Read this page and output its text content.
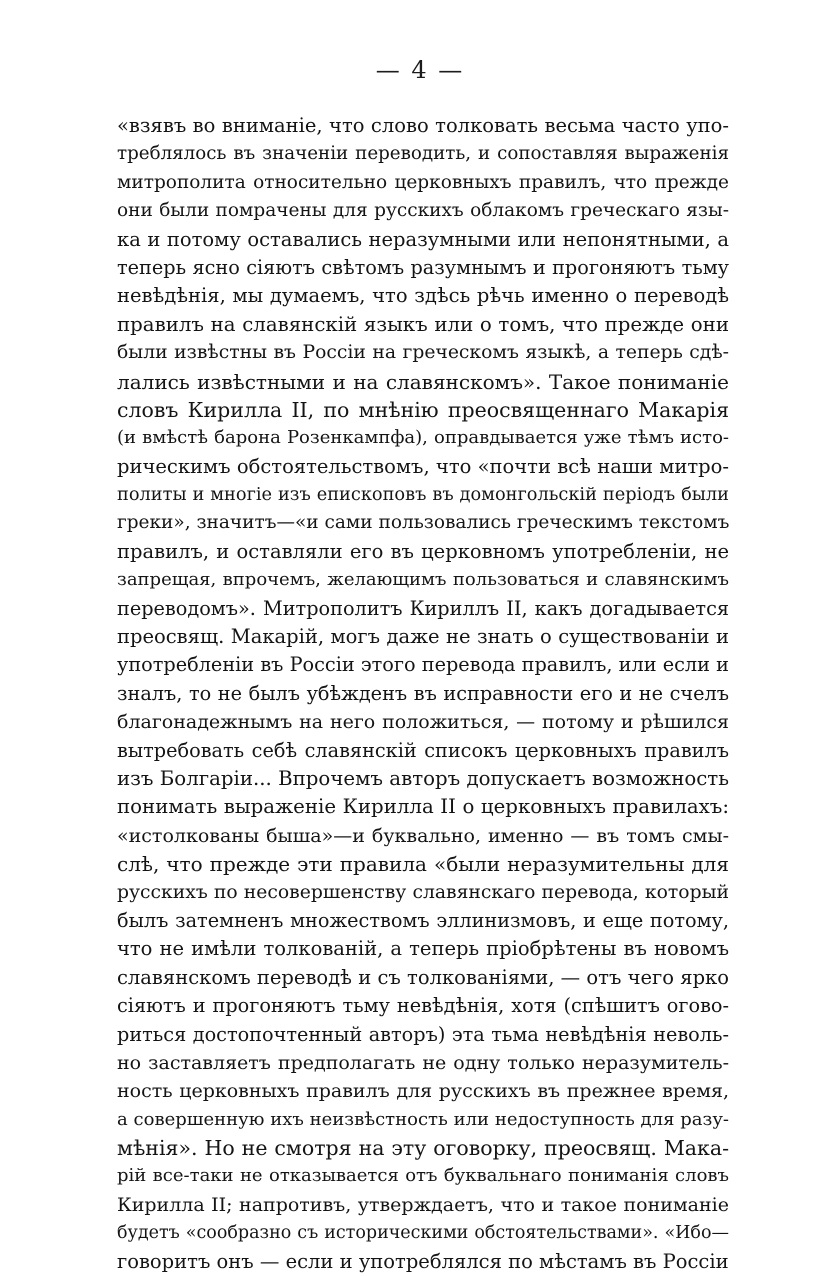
— 4 —
«взявъ во вниманіе, что слово толковать весьма часто упо-
треблялось въ значеніи переводить, и сопоставляя выраженія
митрополита относительно церковныхъ правилъ, что прежде
они были помрачены для русскихъ облакомъ греческаго язы-
ка и потому оставались неразумными или непонятными, а
теперь ясно сіяютъ свѣтомъ разумнымъ и прогоняютъ тьму
невѣдѣнія, мы думаемъ, что здѣсь рѣчь именно о переводѣ
правилъ на славянскій языкъ или о томъ, что прежде они
были извѣстны въ Россіи на греческомъ языкѣ, а теперь сдѣ-
лались извѣстными и на славянскомъ». Такое пониманіе
словъ Кирилла II, по мнѣнію преосвященнаго Макарія
(и вмѣстѣ барона Розенкампфа), оправдывается уже тѣмъ исто-
рическимъ обстоятельствомъ, что «почти всѣ наши митро-
политы и многіе изъ епископовъ въ домонгольскій періодъ были
греки», значитъ—«и сами пользовались греческимъ текстомъ
правилъ, и оставляли его въ церковномъ употребленіи, не
запрещая, впрочемъ, желающимъ пользоваться и славянскимъ
переводомъ». Митрополитъ Кириллъ II, какъ догадывается
преосвящ. Макарій, могъ даже не знать о существованіи и
употребленіи въ Россіи этого перевода правилъ, или если и
зналъ, то не былъ убѣжденъ въ исправности его и не счелъ
благонадежнымъ на него положиться, — потому и рѣшился
вытребовать себѣ славянскій списокъ церковныхъ правилъ
изъ Болгаріи... Впрочемъ авторъ допускаетъ возможность
понимать выраженіе Кирилла II о церковныхъ правилахъ:
«истолкованы быша»—и буквально, именно — въ томъ смы-
слѣ, что прежде эти правила «были неразумительны для
русскихъ по несовершенству славянскаго перевода, который
былъ затемненъ множествомъ эллинизмовъ, и еще потому,
что не имѣли толкованій, а теперь пріобрѣтены въ новомъ
славянскомъ переводѣ и съ толкованіями, — отъ чего ярко
сіяютъ и прогоняютъ тьму невѣдѣнія, хотя (спѣшитъ огово-
риться достопочтенный авторъ) эта тьма невѣдѣнія неволь-
но заставляетъ предполагать не одну только неразумитель-
ность церковныхъ правилъ для русскихъ въ прежнее время,
а совершенную ихъ неизвѣстность или недоступность для разу-
мѣнія». Но не смотря на эту оговорку, преосвящ. Мака-
рій все-таки не отказывается отъ буквальнаго пониманія словъ
Кирилла II; напротивъ, утверждаетъ, что и такое пониманіе
будетъ «сообразно съ историческими обстоятельствами». «Ибо—
говоритъ онъ — если и употреблялся по мѣстамъ въ Россіи
